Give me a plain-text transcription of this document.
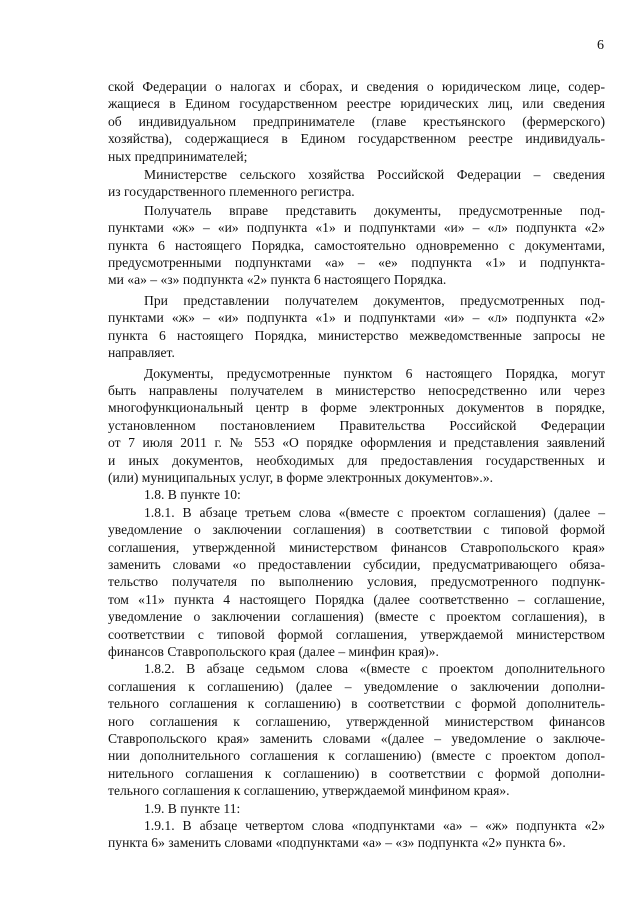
6

ской Федерации о налогах и сборах, и сведения о юридическом лице, содер-

жащиеся в Едином государственном реестре юридических лиц, или сведения

об индивидуальном предпринимателе (главе крестьянского (фермерского)

хозяйства), содержащиеся в Едином государственном реестре индивидуаль-

ных предпринимателей;

Министерстве сельского хозяйства Российской Федерации – сведения

из государственного племенного регистра.

Получатель вправе представить документы, предусмотренные под-

пунктами «ж» – «и» подпункта «1» и подпунктами «и» – «л» подпункта «2»

пункта 6 настоящего Порядка, самостоятельно одновременно с документами,

предусмотренными подпунктами «а» – «е» подпункта «1» и подпункта-

ми «а» – «з» подпункта «2» пункта 6 настоящего Порядка.

При представлении получателем документов, предусмотренных под-

пунктами «ж» – «и» подпункта «1» и подпунктами «и» – «л» подпункта «2»

пункта 6 настоящего Порядка, министерство межведомственные запросы не

направляет.

Документы, предусмотренные пунктом 6 настоящего Порядка, могут

быть направлены получателем в министерство непосредственно или через

многофункциональный центр в форме электронных документов в порядке,

установленном постановлением Правительства Российской Федерации

от 7 июля 2011 г. № 553 «О порядке оформления и представления заявлений

и иных документов, необходимых для предоставления государственных и

(или) муниципальных услуг, в форме электронных документов».».

1.8. В пункте 10:

1.8.1. В абзаце третьем слова «(вместе с проектом соглашения) (далее –

уведомление о заключении соглашения) в соответствии с типовой формой

соглашения, утвержденной министерством финансов Ставропольского края»

заменить словами «о предоставлении субсидии, предусматривающего обяза-

тельство получателя по выполнению условия, предусмотренного подпунк-

том «11» пункта 4 настоящего Порядка (далее соответственно – соглашение,

уведомление о заключении соглашения) (вместе с проектом соглашения), в

соответствии с типовой формой соглашения, утверждаемой министерством

финансов Ставропольского края (далее – минфин края)».

1.8.2. В абзаце седьмом слова «(вместе с проектом дополнительного

соглашения к соглашению) (далее – уведомление о заключении дополни-

тельного соглашения к соглашению) в соответствии с формой дополнитель-

ного соглашения к соглашению, утвержденной министерством финансов

Ставропольского края» заменить словами «(далее – уведомление о заключе-

нии дополнительного соглашения к соглашению) (вместе с проектом допол-

нительного соглашения к соглашению) в соответствии с формой дополни-

тельного соглашения к соглашению, утверждаемой минфином края».

1.9. В пункте 11:

1.9.1. В абзаце четвертом слова «подпунктами «а» – «ж» подпункта «2»

пункта 6» заменить словами «подпунктами «а» – «з» подпункта «2» пункта 6».
